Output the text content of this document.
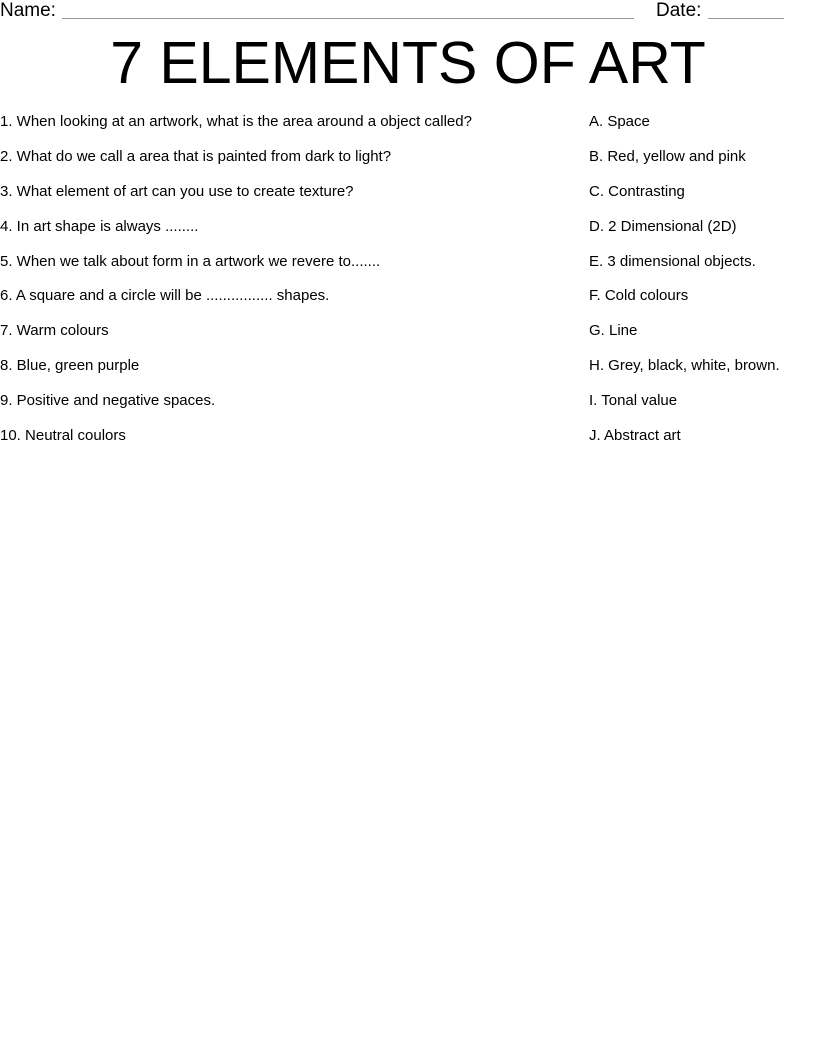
Name:	Date:
7 ELEMENTS OF ART
1. When looking at an artwork, what is the area around a object called?
2. What do we call a area that is painted from dark to light?
3. What element of art can you use to create texture?
4. In art shape is always ........
5. When we talk about form in a artwork we revere to.......
6. A square and a circle will be ................ shapes.
7. Warm colours
8. Blue, green purple
9. Positive and negative spaces.
10. Neutral coulors
A. Space
B. Red, yellow and pink
C. Contrasting
D. 2 Dimensional (2D)
E. 3 dimensional objects.
F. Cold colours
G. Line
H. Grey, black, white, brown.
I. Tonal value
J. Abstract art
